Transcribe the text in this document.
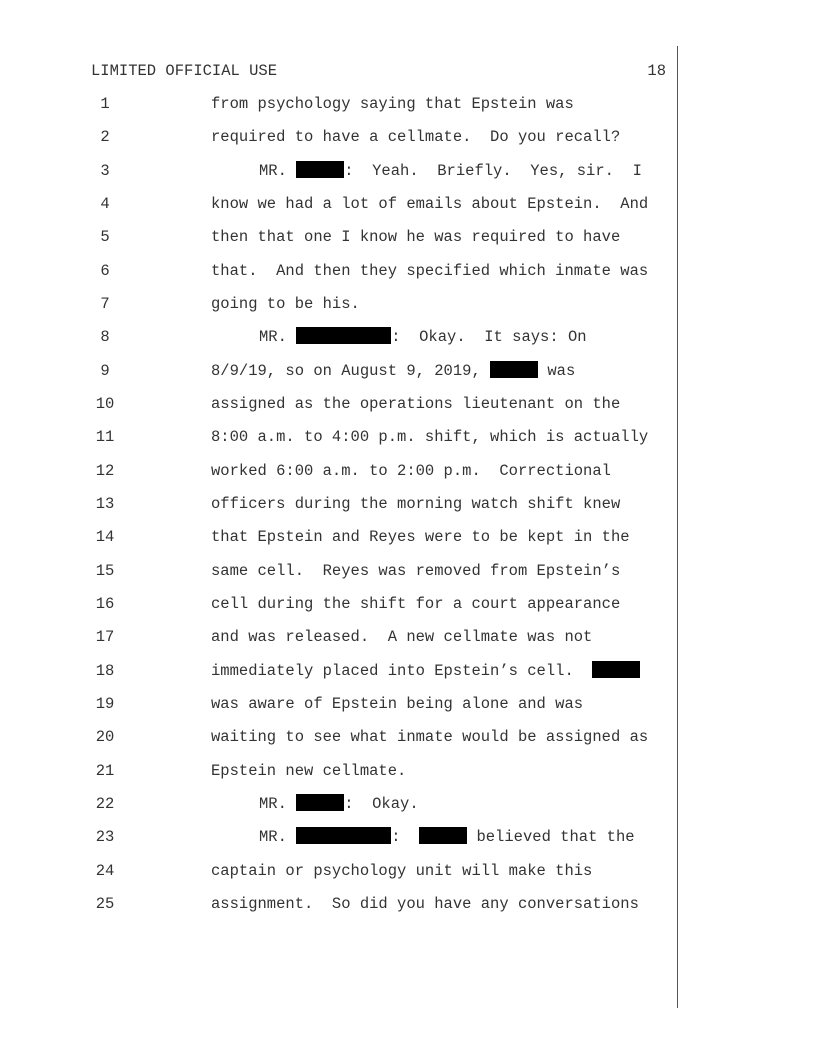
LIMITED OFFICIAL USE	18
1	from psychology saying that Epstein was
2	required to have a cellmate.  Do you recall?
3	MR.	:  Yeah.  Briefly.  Yes, sir.  I
4	know we had a lot of emails about Epstein.  And
5	then that one I know he was required to have
6	that.  And then they specified which inmate was
7	going to be his.
8	MR.	:  Okay.  It says: On
9	8/9/19, so on August 9, 2019,	was
10	assigned as the operations lieutenant on the
11	8:00 a.m. to 4:00 p.m. shift, which is actually
12	worked 6:00 a.m. to 2:00 p.m.  Correctional
13	officers during the morning watch shift knew
14	that Epstein and Reyes were to be kept in the
15	same cell.  Reyes was removed from Epstein’s
16	cell during the shift for a court appearance
17	and was released.  A new cellmate was not
18	immediately placed into Epstein’s cell.
19	was aware of Epstein being alone and was
20	waiting to see what inmate would be assigned as
21	Epstein new cellmate.
22	MR.	:  Okay.
23	MR.	:	believed that the
24	captain or psychology unit will make this
25	assignment.  So did you have any conversations
